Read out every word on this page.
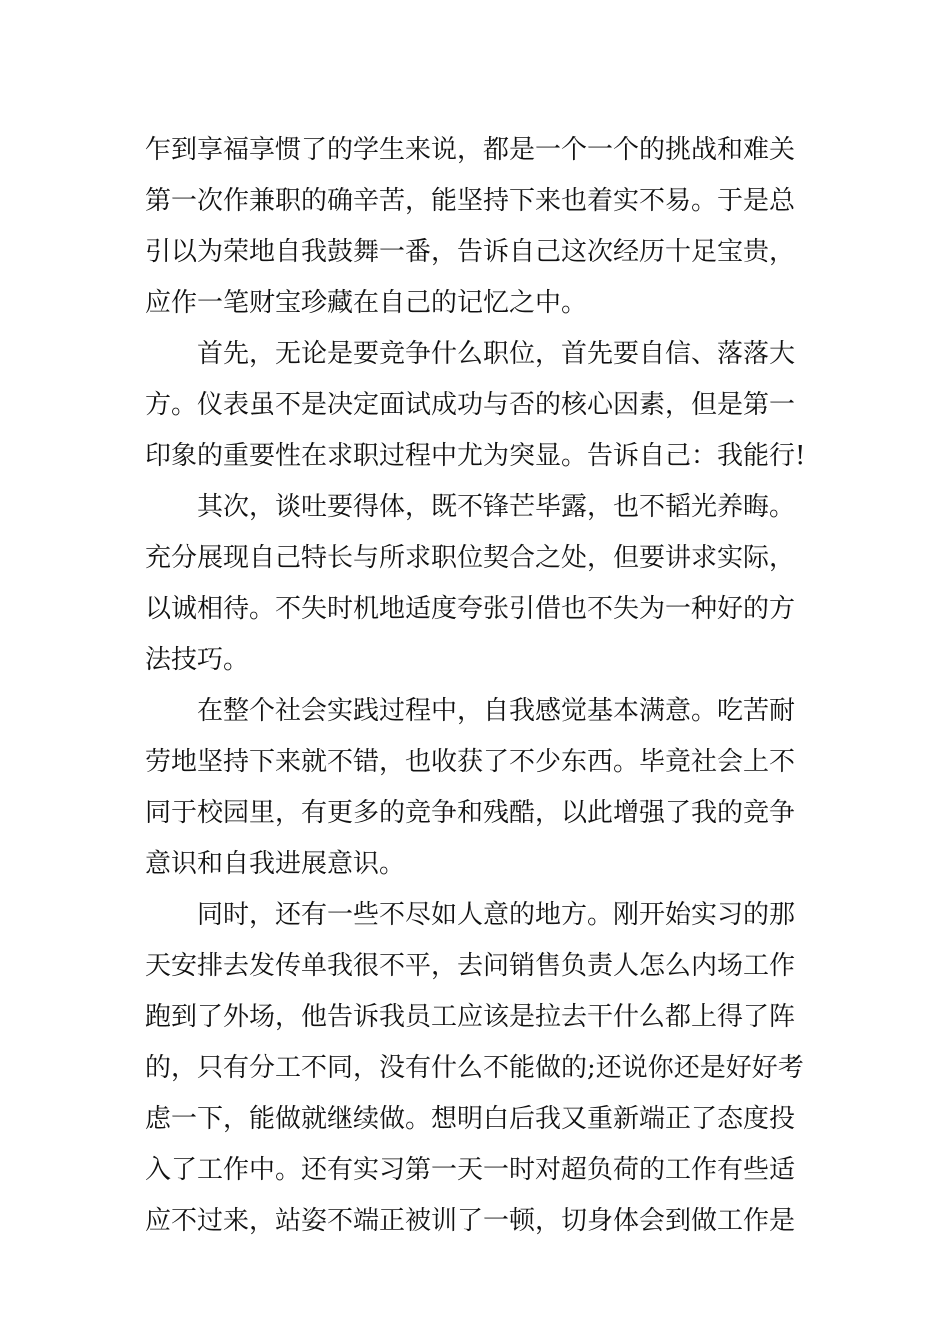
乍到享福享惯了的学生来说，都是一个一个的挑战和难关
第一次作兼职的确辛苦，能坚持下来也着实不易。于是总
引以为荣地自我鼓舞一番，告诉自己这次经历十足宝贵，
应作一笔财宝珍藏在自己的记忆之中。
首先，无论是要竞争什么职位，首先要自信、落落大
方。仪表虽不是决定面试成功与否的核心因素，但是第一
印象的重要性在求职过程中尤为突显。告诉自己：我能行!
其次，谈吐要得体，既不锋芒毕露，也不韬光养晦。
充分展现自己特长与所求职位契合之处，但要讲求实际，
以诚相待。不失时机地适度夸张引借也不失为一种好的方
法技巧。
在整个社会实践过程中，自我感觉基本满意。吃苦耐
劳地坚持下来就不错，也收获了不少东西。毕竟社会上不
同于校园里，有更多的竞争和残酷，以此增强了我的竞争
意识和自我进展意识。
同时，还有一些不尽如人意的地方。刚开始实习的那
天安排去发传单我很不平，去问销售负责人怎么内场工作
跑到了外场，他告诉我员工应该是拉去干什么都上得了阵
的，只有分工不同，没有什么不能做的;还说你还是好好考
虑一下，能做就继续做。想明白后我又重新端正了态度投
入了工作中。还有实习第一天一时对超负荷的工作有些适
应不过来，站姿不端正被训了一顿，切身体会到做工作是
